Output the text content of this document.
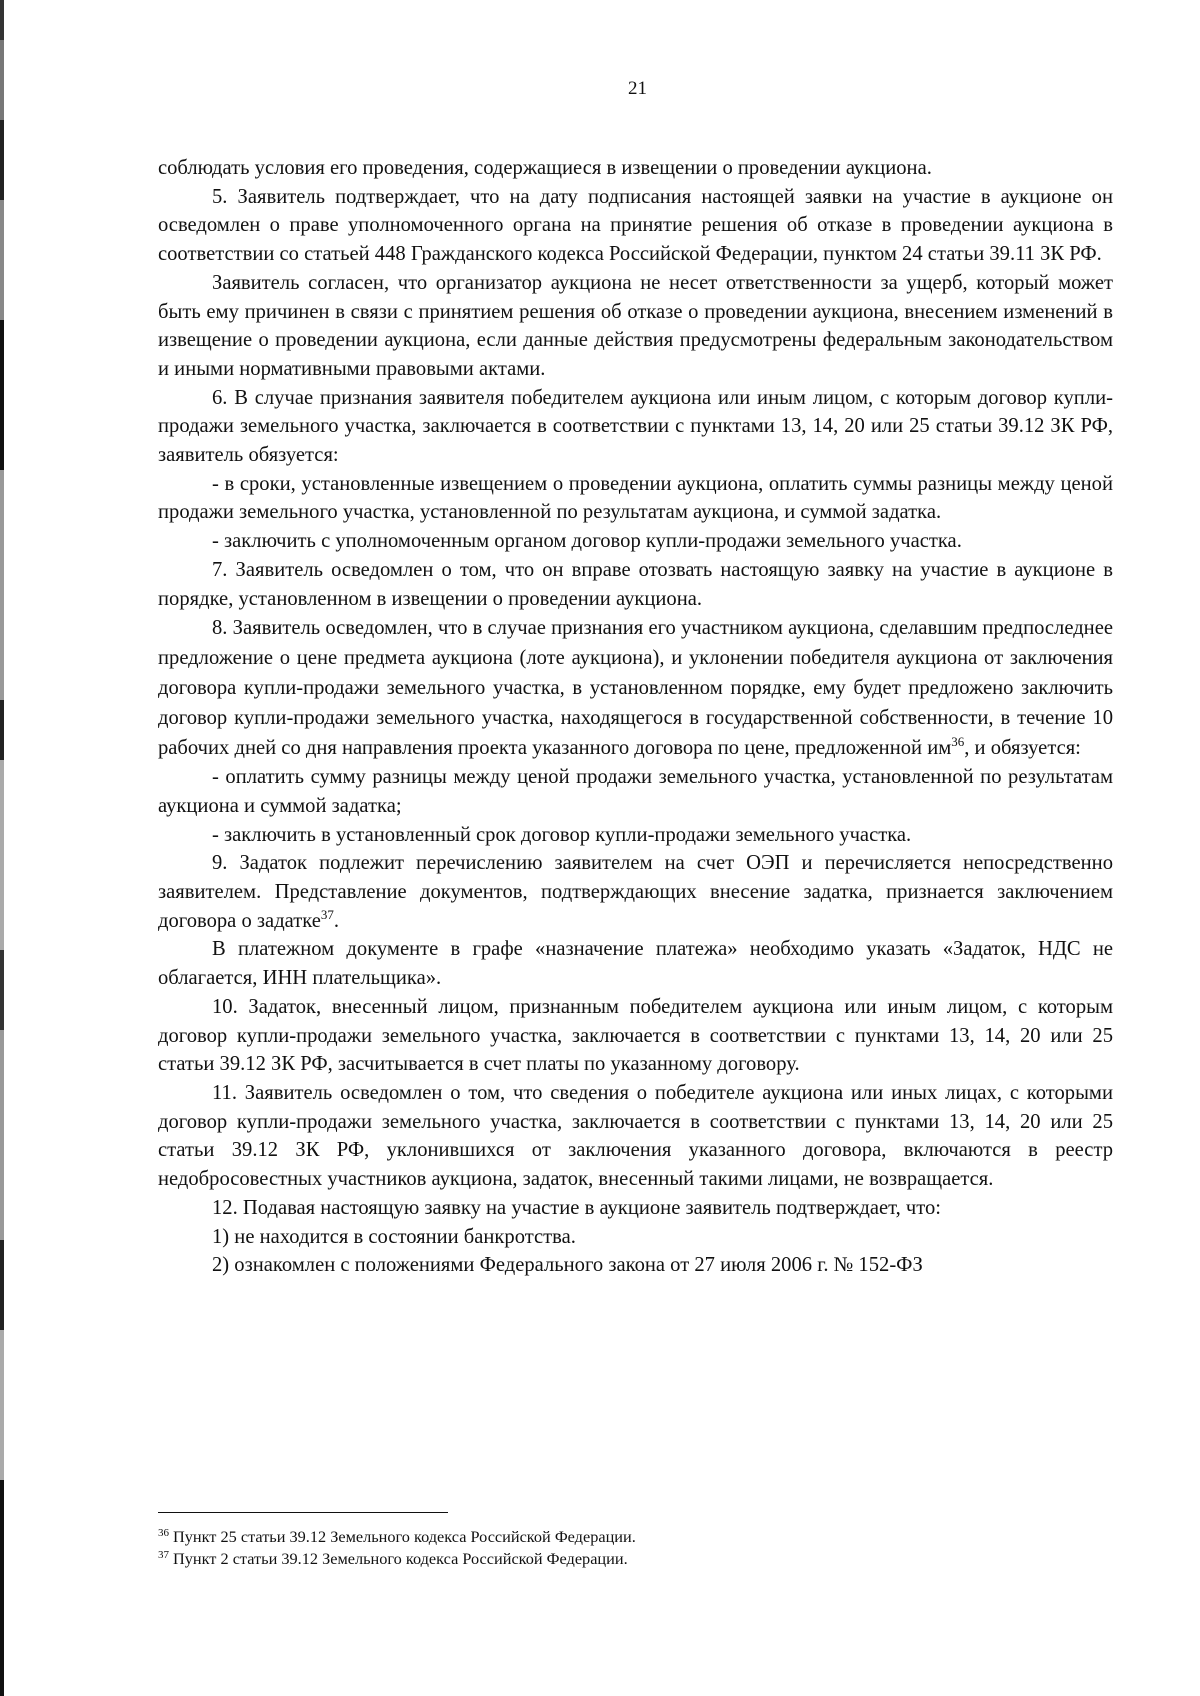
21

соблюдать условия его проведения, содержащиеся в извещении о проведении аукциона.

5. Заявитель подтверждает, что на дату подписания настоящей заявки на участие в аукционе он осведомлен о праве уполномоченного органа на принятие решения об отказе в проведении аукциона в соответствии со статьей 448 Гражданского кодекса Российской Федерации, пунктом 24 статьи 39.11 ЗК РФ.

Заявитель согласен, что организатор аукциона не несет ответственности за ущерб, который может быть ему причинен в связи с принятием решения об отказе о проведении аукциона, внесением изменений в извещение о проведении аукциона, если данные действия предусмотрены федеральным законодательством и иными нормативными правовыми актами.

6. В случае признания заявителя победителем аукциона или иным лицом, с которым договор купли-продажи земельного участка, заключается в соответствии с пунктами 13, 14, 20 или 25 статьи 39.12 ЗК РФ, заявитель обязуется:

- в сроки, установленные извещением о проведении аукциона, оплатить суммы разницы между ценой продажи земельного участка, установленной по результатам аукциона, и суммой задатка.

- заключить с уполномоченным органом договор купли-продажи земельного участка.

7. Заявитель осведомлен о том, что он вправе отозвать настоящую заявку на участие в аукционе в порядке, установленном в извещении о проведении аукциона.

8. Заявитель осведомлен, что в случае признания его участником аукциона, сделавшим предпоследнее предложение о цене предмета аукциона (лоте аукциона), и уклонении победителя аукциона от заключения договора купли-продажи земельного участка, в установленном порядке, ему будет предложено заключить договор купли-продажи земельного участка, находящегося в государственной собственности, в течение 10 рабочих дней со дня направления проекта указанного договора по цене, предложенной $им^{36}$, и обязуется:

- оплатить сумму разницы между ценой продажи земельного участка, установленной по результатам аукциона и суммой задатка;

- заключить в установленный срок договор купли-продажи земельного участка.

9. Задаток подлежит перечислению заявителем на счет ОЭП и перечисляется непосредственно заявителем. Представление документов, подтверждающих внесение задатка, признается заключением договора о задатке$^{37}$.

В платежном документе в графе «назначение платежа» необходимо указать «Задаток, НДС не облагается, ИНН плательщика».

10. Задаток, внесенный лицом, признанным победителем аукциона или иным лицом, с которым договор купли-продажи земельного участка, заключается в соответствии с пунктами 13, 14, 20 или 25 статьи 39.12 ЗК РФ, засчитывается в счет платы по указанному договору.

11. Заявитель осведомлен о том, что сведения о победителе аукциона или иных лицах, с которыми договор купли-продажи земельного участка, заключается в соответствии с пунктами 13, 14, 20 или 25 статьи 39.12 ЗК РФ, уклонившихся от заключения указанного договора, включаются в реестр недобросовестных участников аукциона, задаток, внесенный такими лицами, не возвращается.

12. Подавая настоящую заявку на участие в аукционе заявитель подтверждает, что:

1) не находится в состоянии банкротства.

2) ознакомлен с положениями Федерального закона от 27 июля 2006 г. № 152-ФЗ

$^{36}$ Пункт 25 статьи 39.12 Земельного кодекса Российской Федерации.

$^{37}$ Пункт 2 статьи 39.12 Земельного кодекса Российской Федерации.
